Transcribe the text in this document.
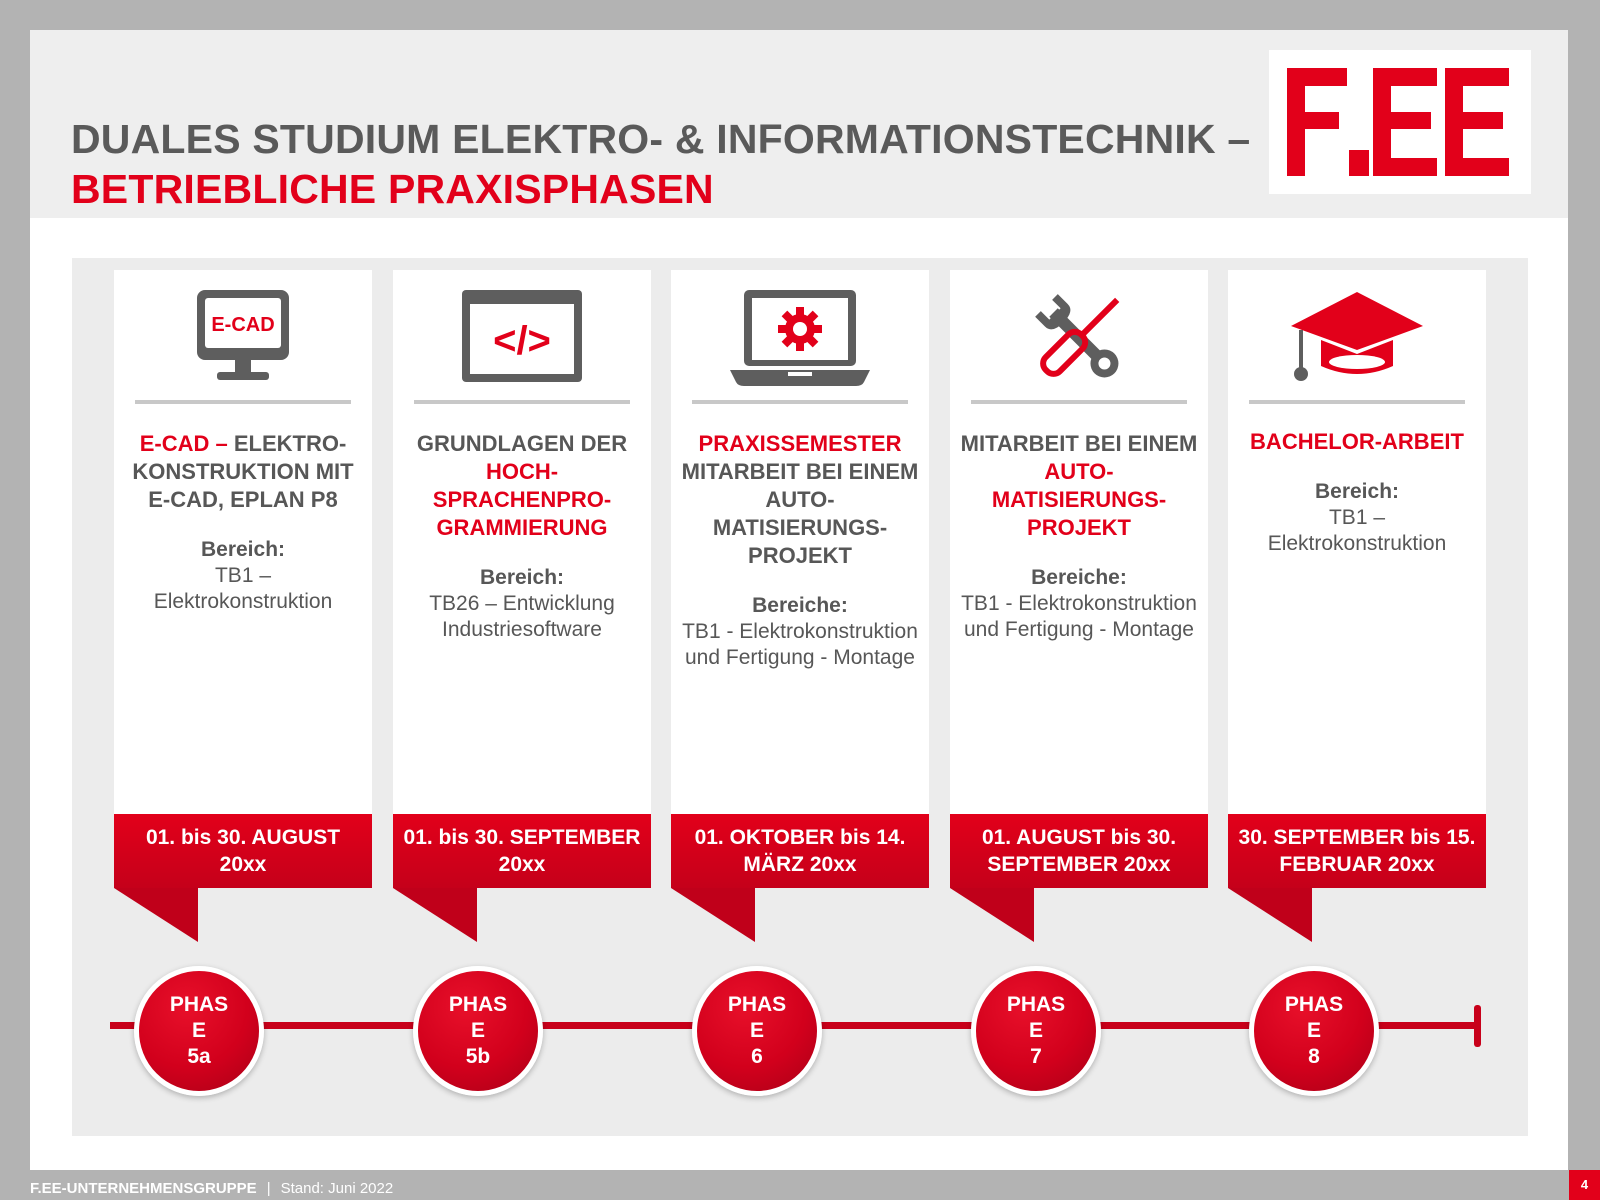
DUALES STUDIUM ELEKTRO- & INFORMATIONSTECHNIK –
BETRIEBLICHE PRAXISPHASEN
E-CAD
E-CAD – ELEKTRO-KONSTRUKTION MIT E-CAD, EPLAN P8
Bereich:
TB1 – Elektrokonstruktion
</>
GRUNDLAGEN DER HOCH-SPRACHENPRO-GRAMMIERUNG
Bereich:
TB26 – Entwicklung Industriesoftware
PRAXISSEMESTER MITARBEIT BEI EINEM AUTO-MATISIERUNGS-PROJEKT
Bereiche:
TB1 - Elektrokonstruktion und Fertigung - Montage
MITARBEIT BEI EINEM AUTO-MATISIERUNGS-PROJEKT
Bereiche:
TB1 - Elektrokonstruktion und Fertigung - Montage
BACHELOR-ARBEIT
Bereich:
TB1 – Elektrokonstruktion
01. bis 30. AUGUST 20xx
01. bis 30. SEPTEMBER 20xx
01. OKTOBER bis 14. MÄRZ 20xx
01. AUGUST bis 30. SEPTEMBER 20xx
30. SEPTEMBER bis 15. FEBRUAR 20xx
PHASE
5a
PHASE
5b
PHASE
6
PHASE
7
PHASE
8
F.EE-UNTERNEHMENSGRUPPE | Stand: Juni 2022	4
